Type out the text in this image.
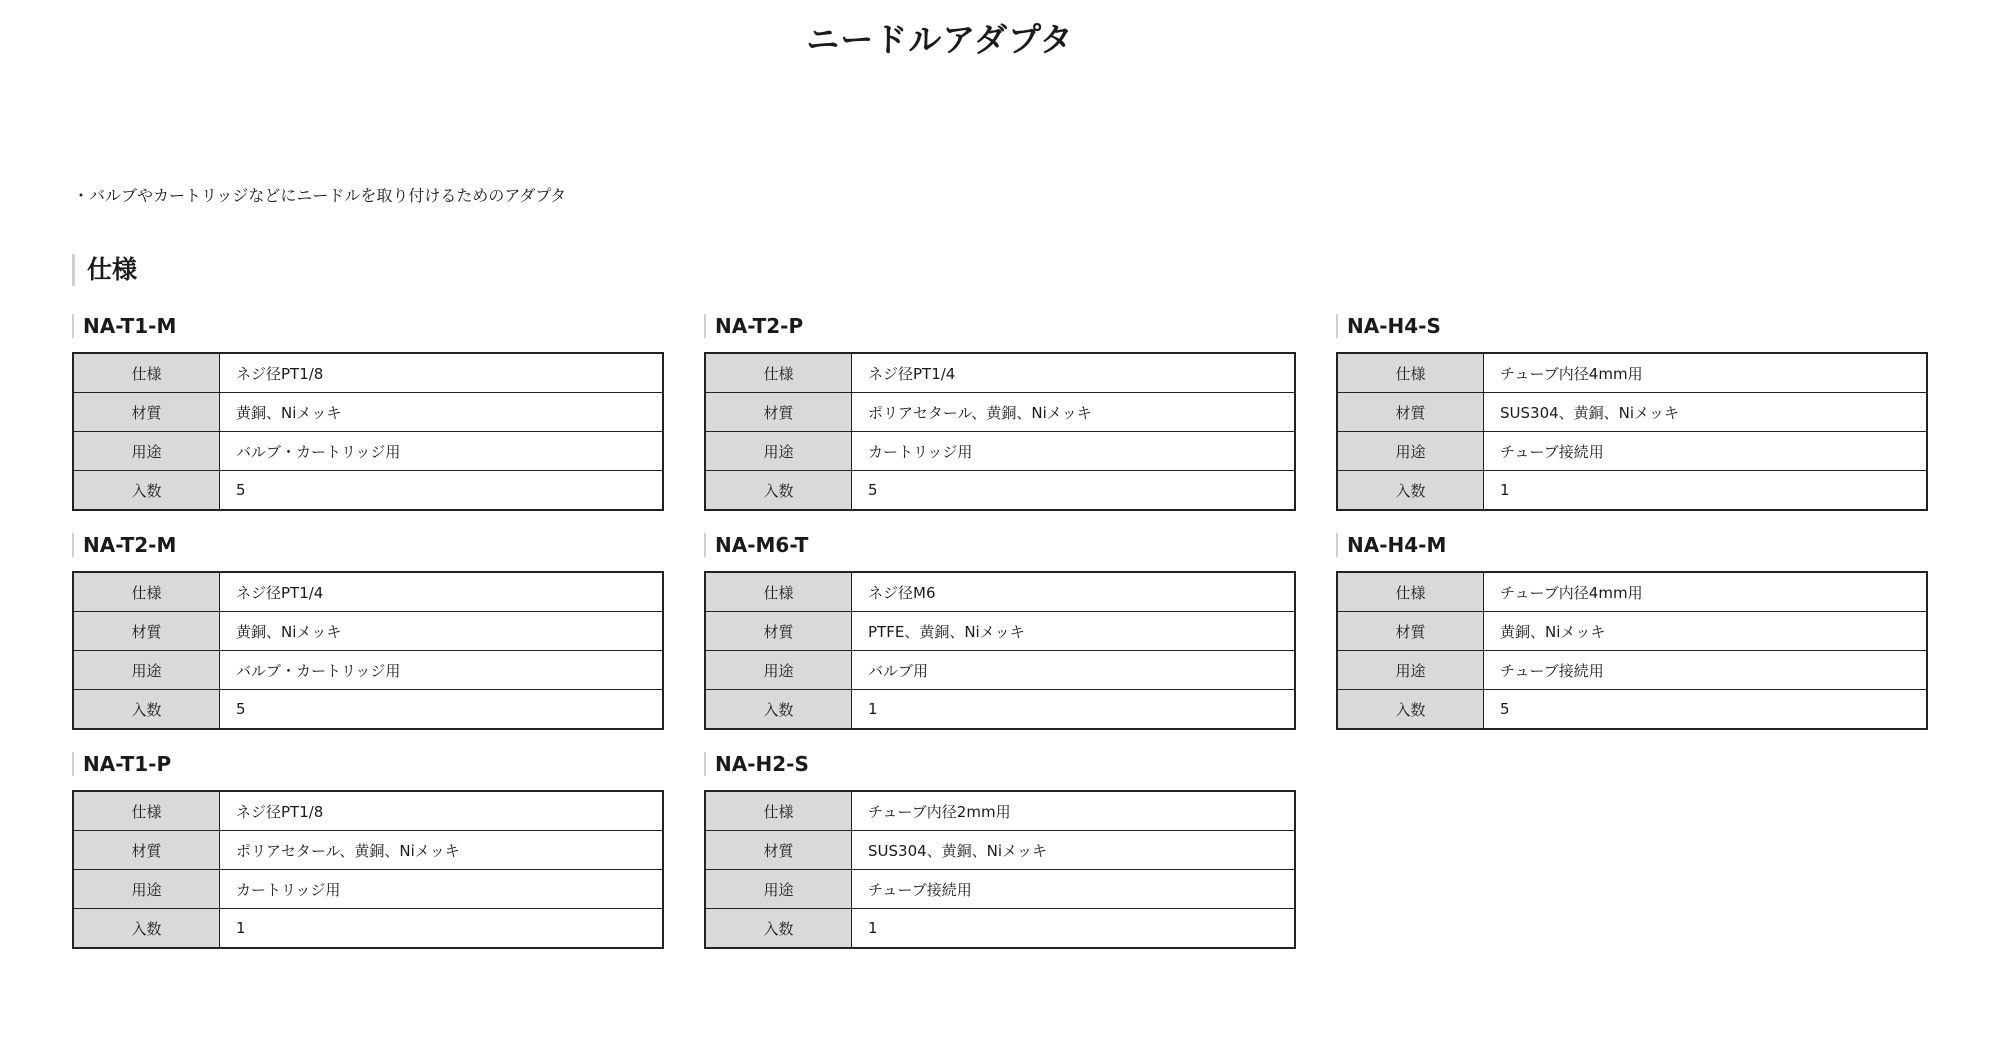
ニードルアダプタ
・バルブやカートリッジなどにニードルを取り付けるためのアダプタ
仕様
NA-T1-M
仕様	ネジ径PT1/8
材質	黄銅、Niメッキ
用途	バルブ・カートリッジ用
入数	5
NA-T2-P
仕様	ネジ径PT1/4
材質	ポリアセタール、黄銅、Niメッキ
用途	カートリッジ用
入数	5
NA-H4-S
仕様	チューブ内径4mm用
材質	SUS304、黄銅、Niメッキ
用途	チューブ接続用
入数	1
NA-T2-M
仕様	ネジ径PT1/4
材質	黄銅、Niメッキ
用途	バルブ・カートリッジ用
入数	5
NA-M6-T
仕様	ネジ径M6
材質	PTFE、黄銅、Niメッキ
用途	バルブ用
入数	1
NA-H4-M
仕様	チューブ内径4mm用
材質	黄銅、Niメッキ
用途	チューブ接続用
入数	5
NA-T1-P
仕様	ネジ径PT1/8
材質	ポリアセタール、黄銅、Niメッキ
用途	カートリッジ用
入数	1
NA-H2-S
仕様	チューブ内径2mm用
材質	SUS304、黄銅、Niメッキ
用途	チューブ接続用
入数	1
